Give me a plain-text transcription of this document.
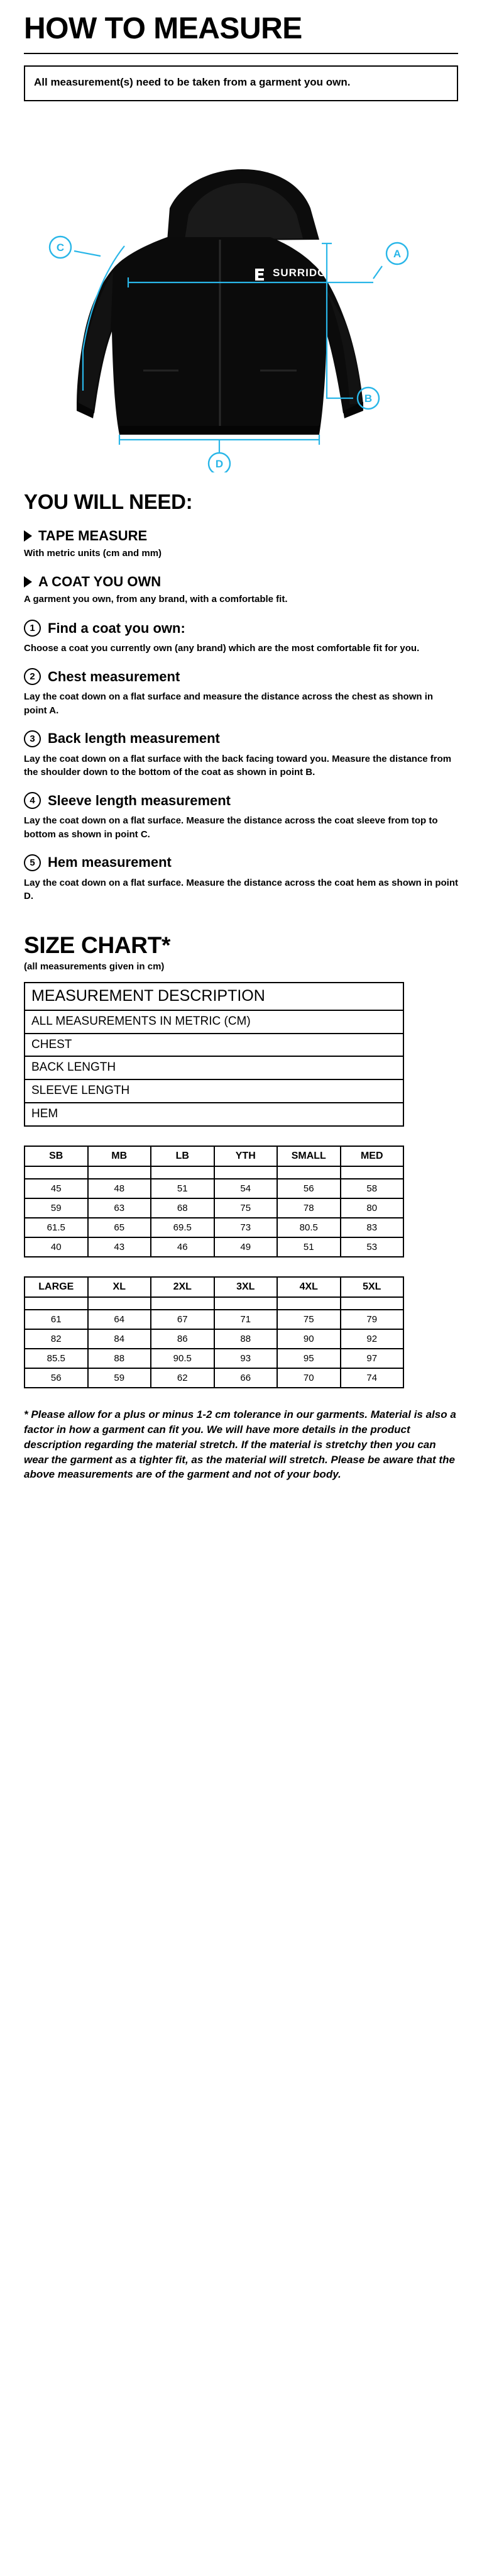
HOW TO MEASURE
All measurement(s) need to be taken from a garment you own.
SURRIDGE
A
B
C
D
YOU WILL NEED:
TAPE MEASURE
With metric units (cm and mm)
A COAT YOU OWN
A garment you own, from any brand, with a comfortable fit.
1 Find a coat you own:
Choose a coat you currently own (any brand) which are the most comfortable fit for you.
2 Chest measurement
Lay the coat down on a flat surface and measure the distance across the chest as shown in point A.
3 Back length measurement
Lay the coat down on a flat surface with the back facing toward you. Measure the distance from the shoulder down to the bottom of the coat as shown in point B.
4 Sleeve length measurement
Lay the coat down on a flat surface. Measure the distance across the coat sleeve from top to bottom as shown in point C.
5 Hem measurement
Lay the coat down on a flat surface. Measure the distance across the coat hem as shown in point D.
SIZE CHART*
(all measurements given in cm)
MEASUREMENT DESCRIPTION
ALL MEASUREMENTS IN METRIC (CM)
CHEST
BACK LENGTH
SLEEVE LENGTH
HEM
SB	MB	LB	YTH	SMALL	MED

45	48	51	54	56	58
59	63	68	75	78	80
61.5	65	69.5	73	80.5	83
40	43	46	49	51	53
LARGE	XL	2XL	3XL	4XL	5XL

61	64	67	71	75	79
82	84	86	88	90	92
85.5	88	90.5	93	95	97
56	59	62	66	70	74
* Please allow for a plus or minus 1-2 cm tolerance in our garments. Material is also a factor in how a garment can fit you. We will have more details in the product description regarding the material stretch. If the material is stretchy then you can wear the garment as a tighter fit, as the material will stretch. Please be aware that the above measurements are of the garment and not of your body.
